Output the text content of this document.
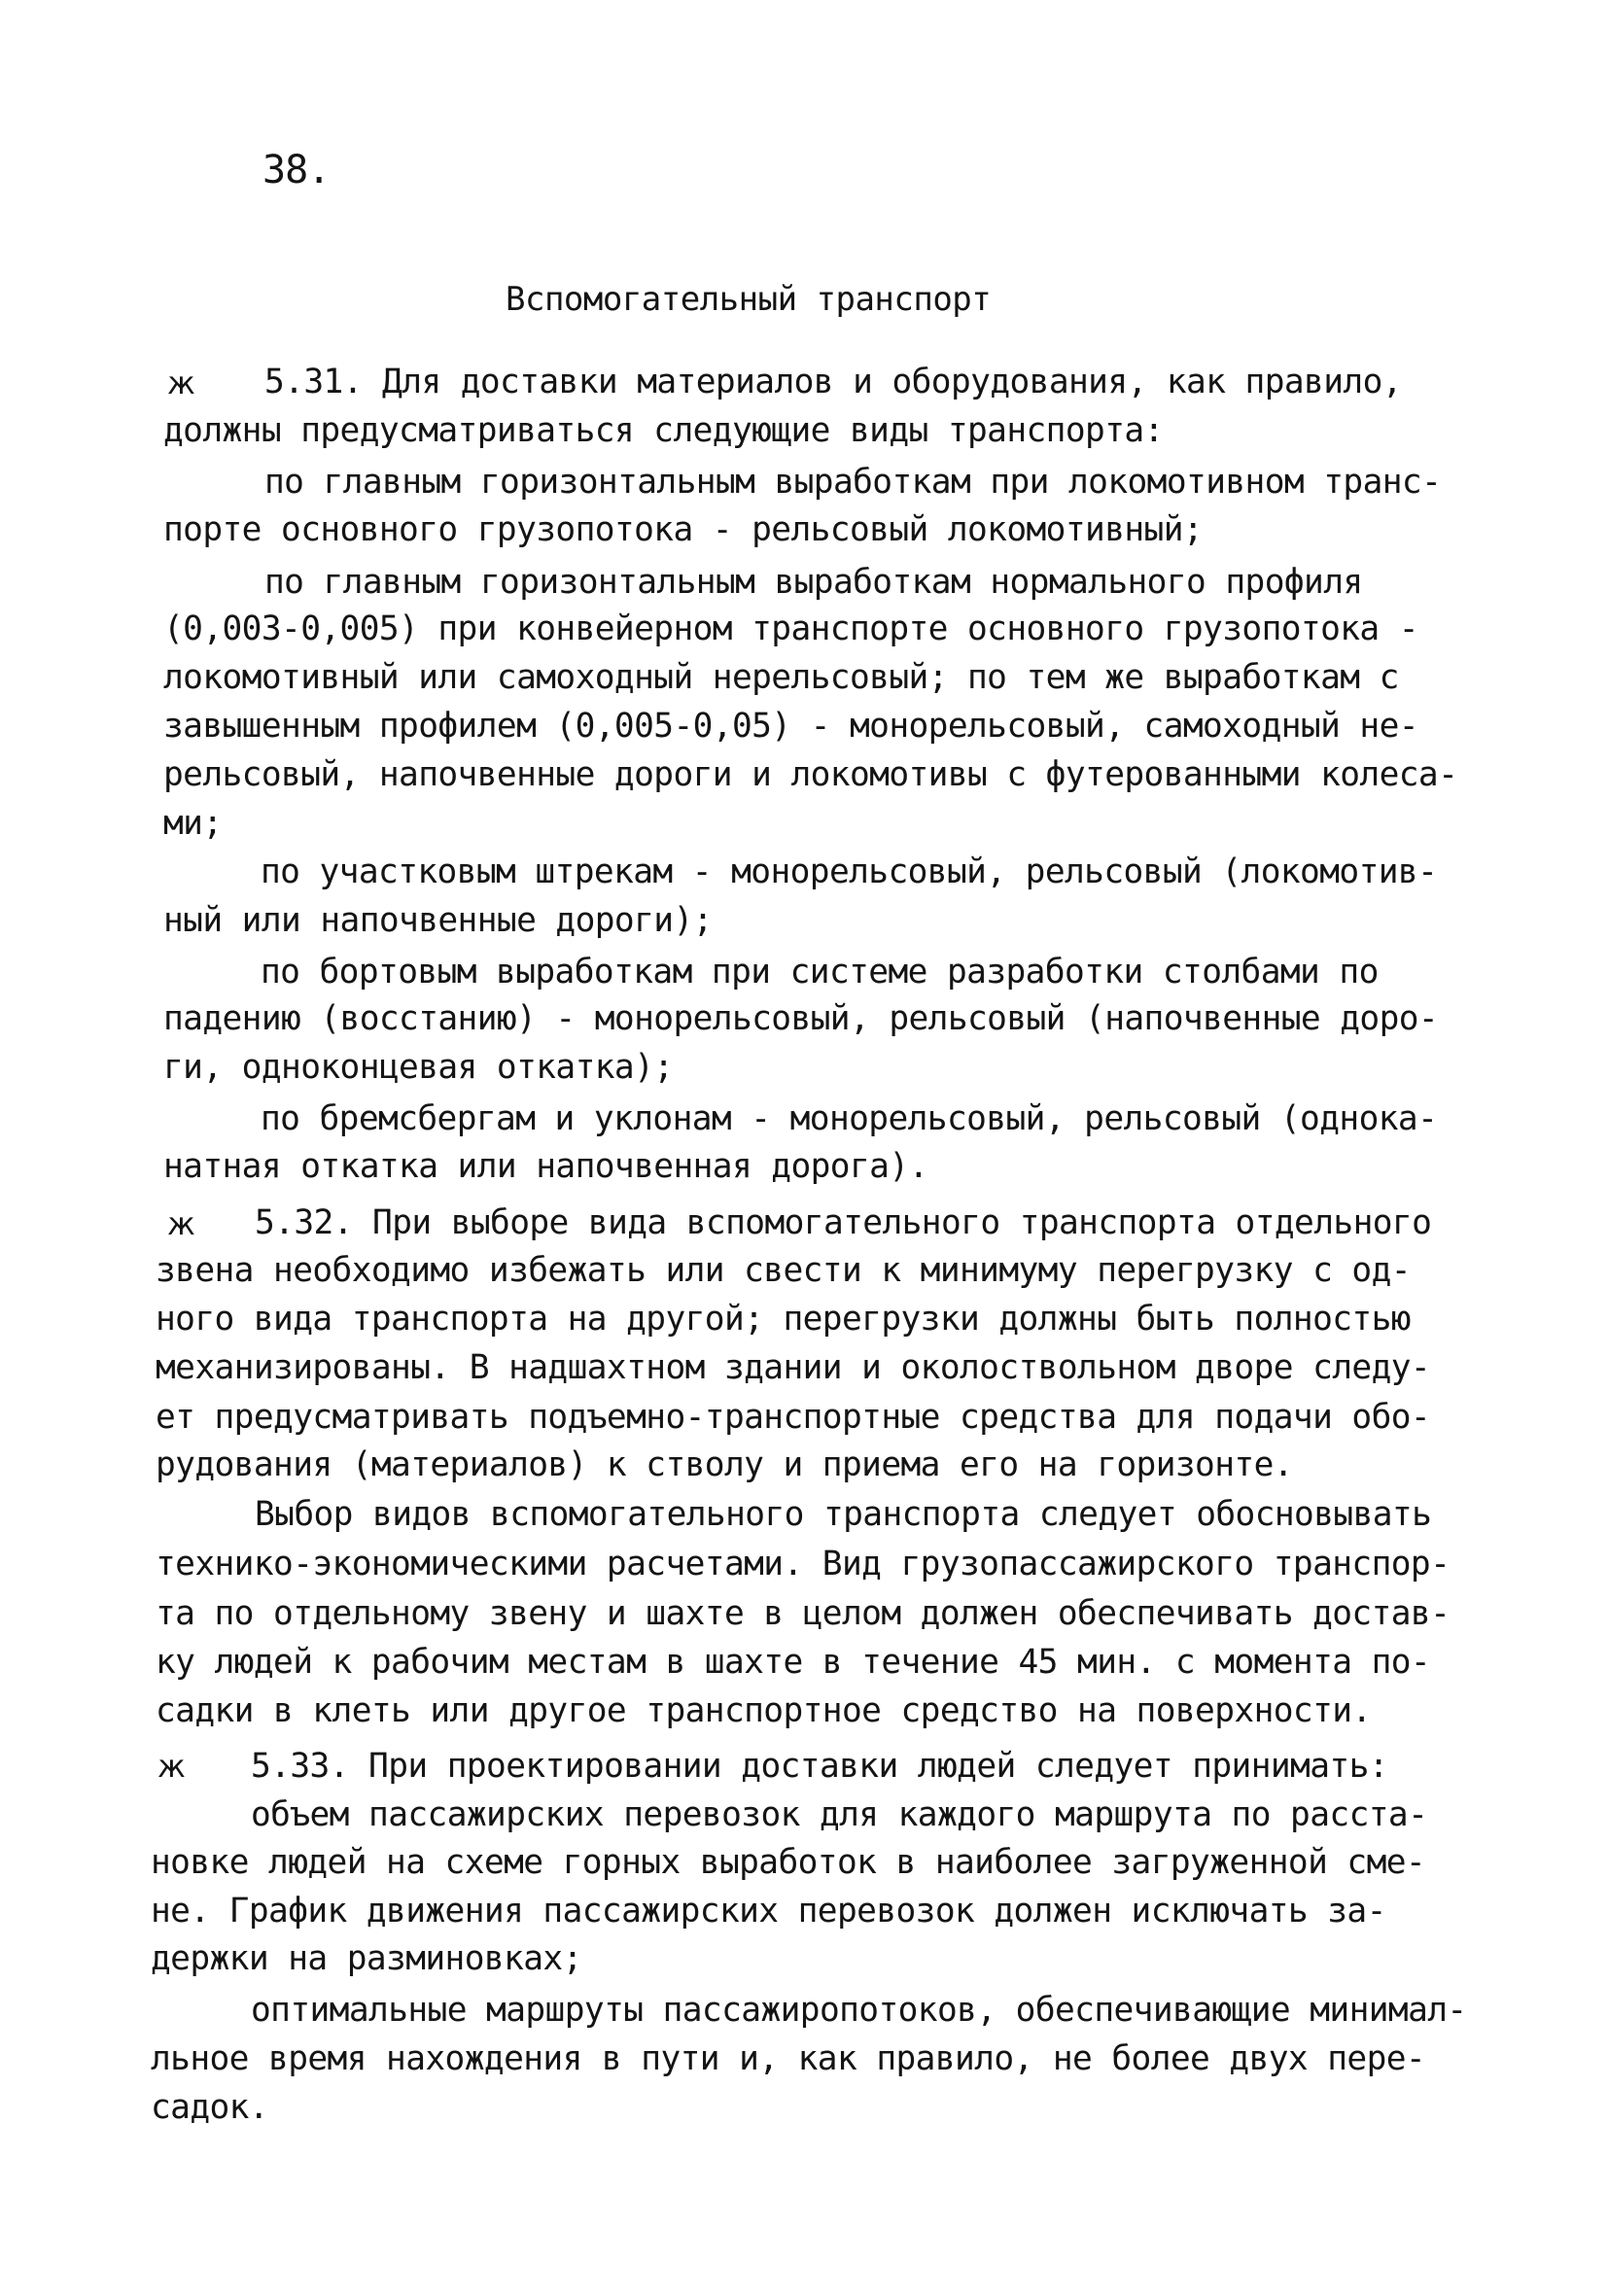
38.
Вспомогательный транспорт
ж
ж
ж
5.31. Для доставки материалов и оборудования, как правило,
должны предусматриваться следующие виды транспорта:
по главным горизонтальным выработкам при локомотивном транс-
порте основного грузопотока - рельсовый локомотивный;
по главным горизонтальным выработкам нормального профиля
(0,003-0,005) при конвейерном транспорте основного грузопотока -
локомотивный или самоходный нерельсовый; по тем же выработкам с
завышенным профилем (0,005-0,05) - монорельсовый, самоходный не-
рельсовый, напочвенные дороги и локомотивы с футерованными колеса-
ми;
по участковым штрекам - монорельсовый, рельсовый (локомотив-
ный или напочвенные дороги);
по бортовым выработкам при системе разработки столбами по
падению (восстанию) - монорельсовый, рельсовый (напочвенные доро-
ги, одноконцевая откатка);
по бремсбергам и уклонам - монорельсовый, рельсовый (однока-
натная откатка или напочвенная дорога).
5.32. При выборе вида вспомогательного транспорта отдельного
звена необходимо избежать или свести к минимуму перегрузку с од-
ного вида транспорта на другой; перегрузки должны быть полностью
механизированы. В надшахтном здании и околоствольном дворе следу-
ет предусматривать подъемно-транспортные средства для подачи обо-
рудования (материалов) к стволу и приема его на горизонте.
Выбор видов вспомогательного транспорта следует обосновывать
технико-экономическими расчетами. Вид грузопассажирского транспор-
та по отдельному звену и шахте в целом должен обеспечивать достав-
ку людей к рабочим местам в шахте в течение 45 мин. с момента по-
садки в клеть или другое транспортное средство на поверхности.
5.33. При проектировании доставки людей следует принимать:
объем пассажирских перевозок для каждого маршрута по расста-
новке людей на схеме горных выработок в наиболее загруженной сме-
не. График движения пассажирских перевозок должен исключать за-
держки на разминовках;
оптимальные маршруты пассажиропотоков, обеспечивающие минимал-
льное время нахождения в пути и, как правило, не более двух пере-
садок.
